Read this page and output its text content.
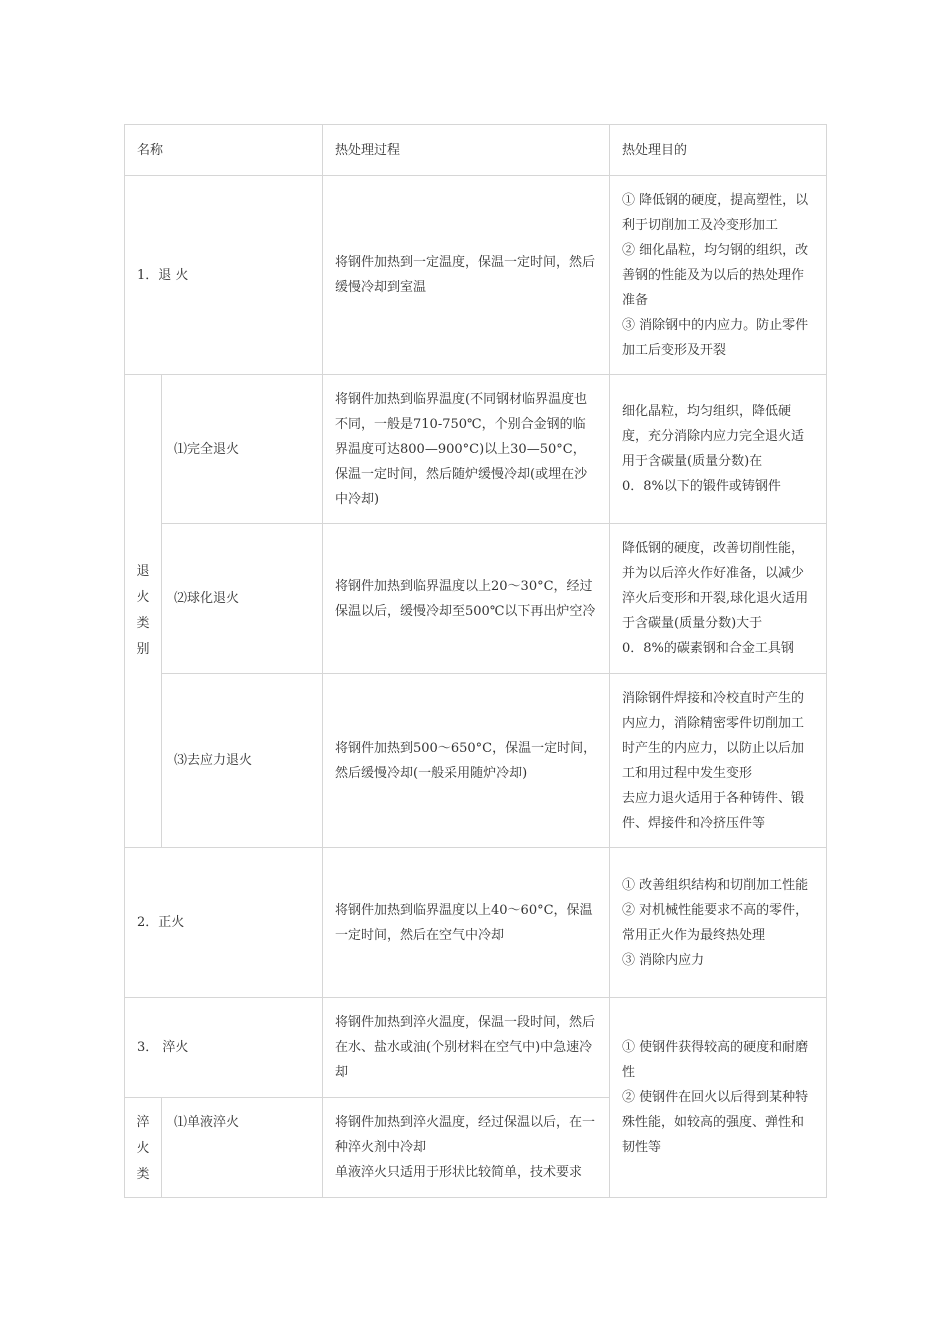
名称		热处理过程	热处理目的
1．退 火		将钢件加热到一定温度，保温一定时间，然后缓慢冷却到室温	① 降低钢的硬度，提高塑性，以利于切削加工及冷变形加工
② 细化晶粒，均匀钢的组织，改善钢的性能及为以后的热处理作准备
③ 消除钢中的内应力。防止零件加工后变形及开裂
退火类别	⑴完全退火	将钢件加热到临界温度(不同钢材临界温度也不同，一般是710-750℃，个别合金钢的临界温度可达800—900°C)以上30—50°C，保温一定时间，然后随炉缓慢冷却(或埋在沙中冷却)	细化晶粒，均匀组织，降低硬度，充分消除内应力完全退火适用于含碳量(质量分数)在
0．8%以下的锻件或铸钢件
	⑵球化退火	将钢件加热到临界温度以上20～30°C，经过保温以后，缓慢冷却至500℃以下再出炉空冷	降低钢的硬度，改善切削性能，并为以后淬火作好准备，以减少淬火后变形和开裂,球化退火适用于含碳量(质量分数)大于
0．8%的碳素钢和合金工具钢
	⑶去应力退火	将钢件加热到500～650°C，保温一定时间，然后缓慢冷却(一般采用随炉冷却)	消除钢件焊接和冷校直时产生的内应力，消除精密零件切削加工时产生的内应力，以防止以后加工和用过程中发生变形
去应力退火适用于各种铸件、锻件、焊接件和冷挤压件等
2．正火		将钢件加热到临界温度以上40～60°C，保温一定时间，然后在空气中冷却	① 改善组织结构和切削加工性能
② 对机械性能要求不高的零件，常用正火作为最终热处理
③ 消除内应力
3． 淬火		将钢件加热到淬火温度，保温一段时间，然后在水、盐水或油(个别材料在空气中)中急速冷却	① 使钢件获得较高的硬度和耐磨性
② 使钢件在回火以后得到某种特殊性能，如较高的强度、弹性和韧性等
淬火类	⑴单液淬火	将钢件加热到淬火温度，经过保温以后，在一种淬火剂中冷却
单液淬火只适用于形状比较简单，技术要求	
